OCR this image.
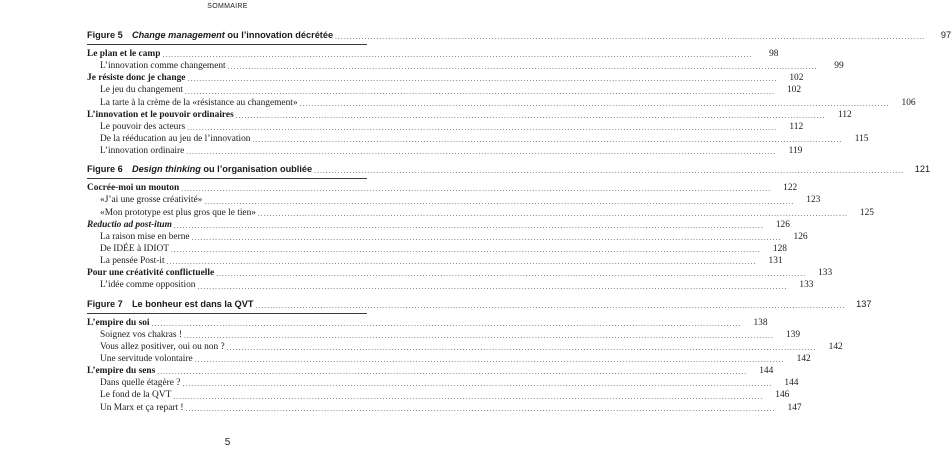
SOMMAIRE
Figure 5  Change management ou l’innovation décrétée ........................................................................................................................................................................................................	97
Le plan et le camp ........................................................................................................................................................................................................	98
L’innovation comme changement ........................................................................................................................................................................................................	99
Je résiste donc je change ........................................................................................................................................................................................................	102
Le jeu du changement ........................................................................................................................................................................................................	102
La tarte à la crème de la «résistance au changement» ........................................................................................................................................................................................................	106
L’innovation et le pouvoir ordinaires ........................................................................................................................................................................................................	112
Le pouvoir des acteurs ........................................................................................................................................................................................................	112
De la rééducation au jeu de l’innovation ........................................................................................................................................................................................................	115
L’innovation ordinaire ........................................................................................................................................................................................................	119
Figure 6  Design thinking ou l’organisation oubliée ........................................................................................................................................................................................................	121
Cocrée-moi un mouton ........................................................................................................................................................................................................	122
«J’ai une grosse créativité» ........................................................................................................................................................................................................	123
«Mon prototype est plus gros que le tien» ........................................................................................................................................................................................................	125
Reductio ad post-itum ........................................................................................................................................................................................................	126
La raison mise en berne ........................................................................................................................................................................................................	126
De IDÉE à IDIOT ........................................................................................................................................................................................................	128
La pensée Post-it ........................................................................................................................................................................................................	131
Pour une créativité conflictuelle ........................................................................................................................................................................................................	133
L’idée comme opposition ........................................................................................................................................................................................................	133
Figure 7  Le bonheur est dans la QVT ........................................................................................................................................................................................................	137
L’empire du soi ........................................................................................................................................................................................................	138
Soignez vos chakras ! ........................................................................................................................................................................................................	139
Vous allez positiver, oui ou non ? ........................................................................................................................................................................................................	142
Une servitude volontaire ........................................................................................................................................................................................................	142
L’empire du sens ........................................................................................................................................................................................................	144
Dans quelle étagère ? ........................................................................................................................................................................................................	144
Le fond de la QVT ........................................................................................................................................................................................................	146
Un Marx et ça repart ! ........................................................................................................................................................................................................	147
5
